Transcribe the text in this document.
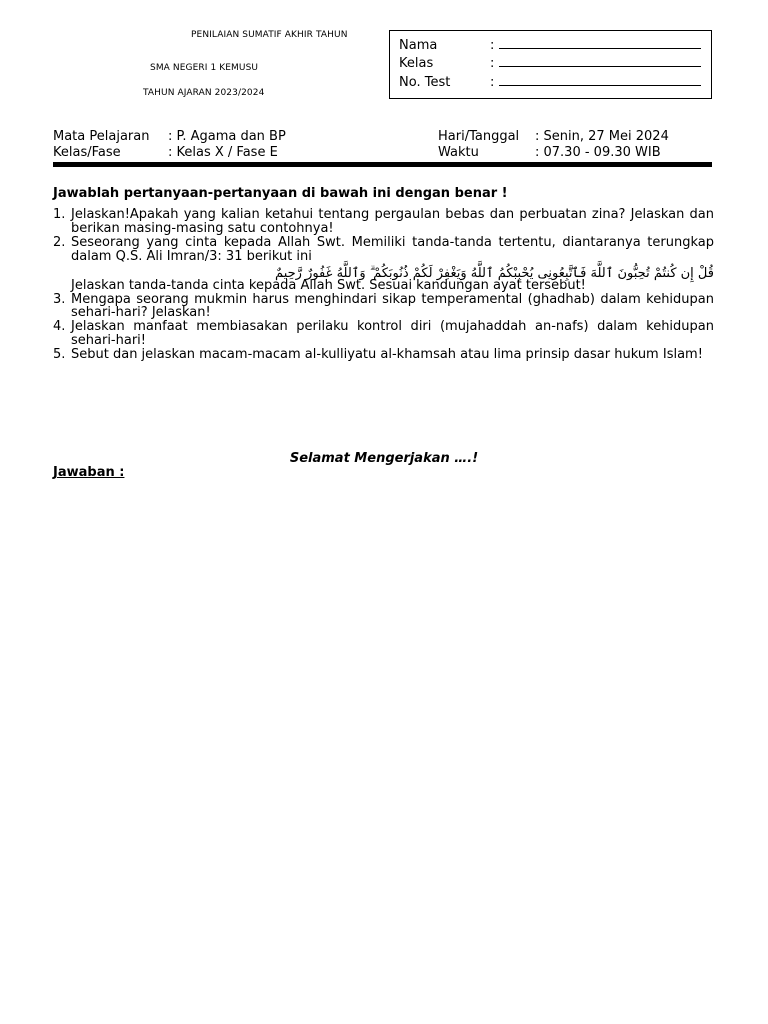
PENILAIAN SUMATIF AKHIR TAHUN
SMA NEGERI 1 KEMUSU
TAHUN AJARAN 2023/2024
Nama	:
Kelas	:
No. Test	:
Mata Pelajaran : P. Agama dan BP
Kelas/Fase	: Kelas X / Fase E
Hari/Tanggal : Senin, 27 Mei 2024
Waktu	: 07.30 - 09.30 WIB
Jawablah pertanyaan-pertanyaan di bawah ini dengan benar !
1. Jelaskan!Apakah yang kalian ketahui tentang pergaulan bebas dan perbuatan zina? Jelaskan dan berikan masing-masing satu contohnya!
2. Seseorang yang cinta kepada Allah Swt. Memiliki tanda-tanda tertentu, diantaranya terungkap dalam Q.S. Ali Imran/3: 31 berikut ini
قُلْ إِن كُنتُمْ تُحِبُّونَ ٱللَّهَ فَٱتَّبِعُونِى يُحْبِبْكُمُ ٱللَّهُ وَيَغْفِرْ لَكُمْ ذُنُوبَكُمْ ۗ وَٱللَّهُ غَفُورٌ رَّحِيمٌ
Jelaskan tanda-tanda cinta kepada Allah Swt. Sesuai kandungan ayat tersebut!
3. Mengapa seorang mukmin harus menghindari sikap temperamental (ghadhab) dalam kehidupan sehari-hari? Jelaskan!
4. Jelaskan manfaat membiasakan perilaku kontrol diri (mujahaddah an-nafs) dalam kehidupan sehari-hari!
5. Sebut dan jelaskan macam-macam al-kulliyatu al-khamsah atau lima prinsip dasar hukum Islam!
Selamat Mengerjakan ….!
Jawaban :
